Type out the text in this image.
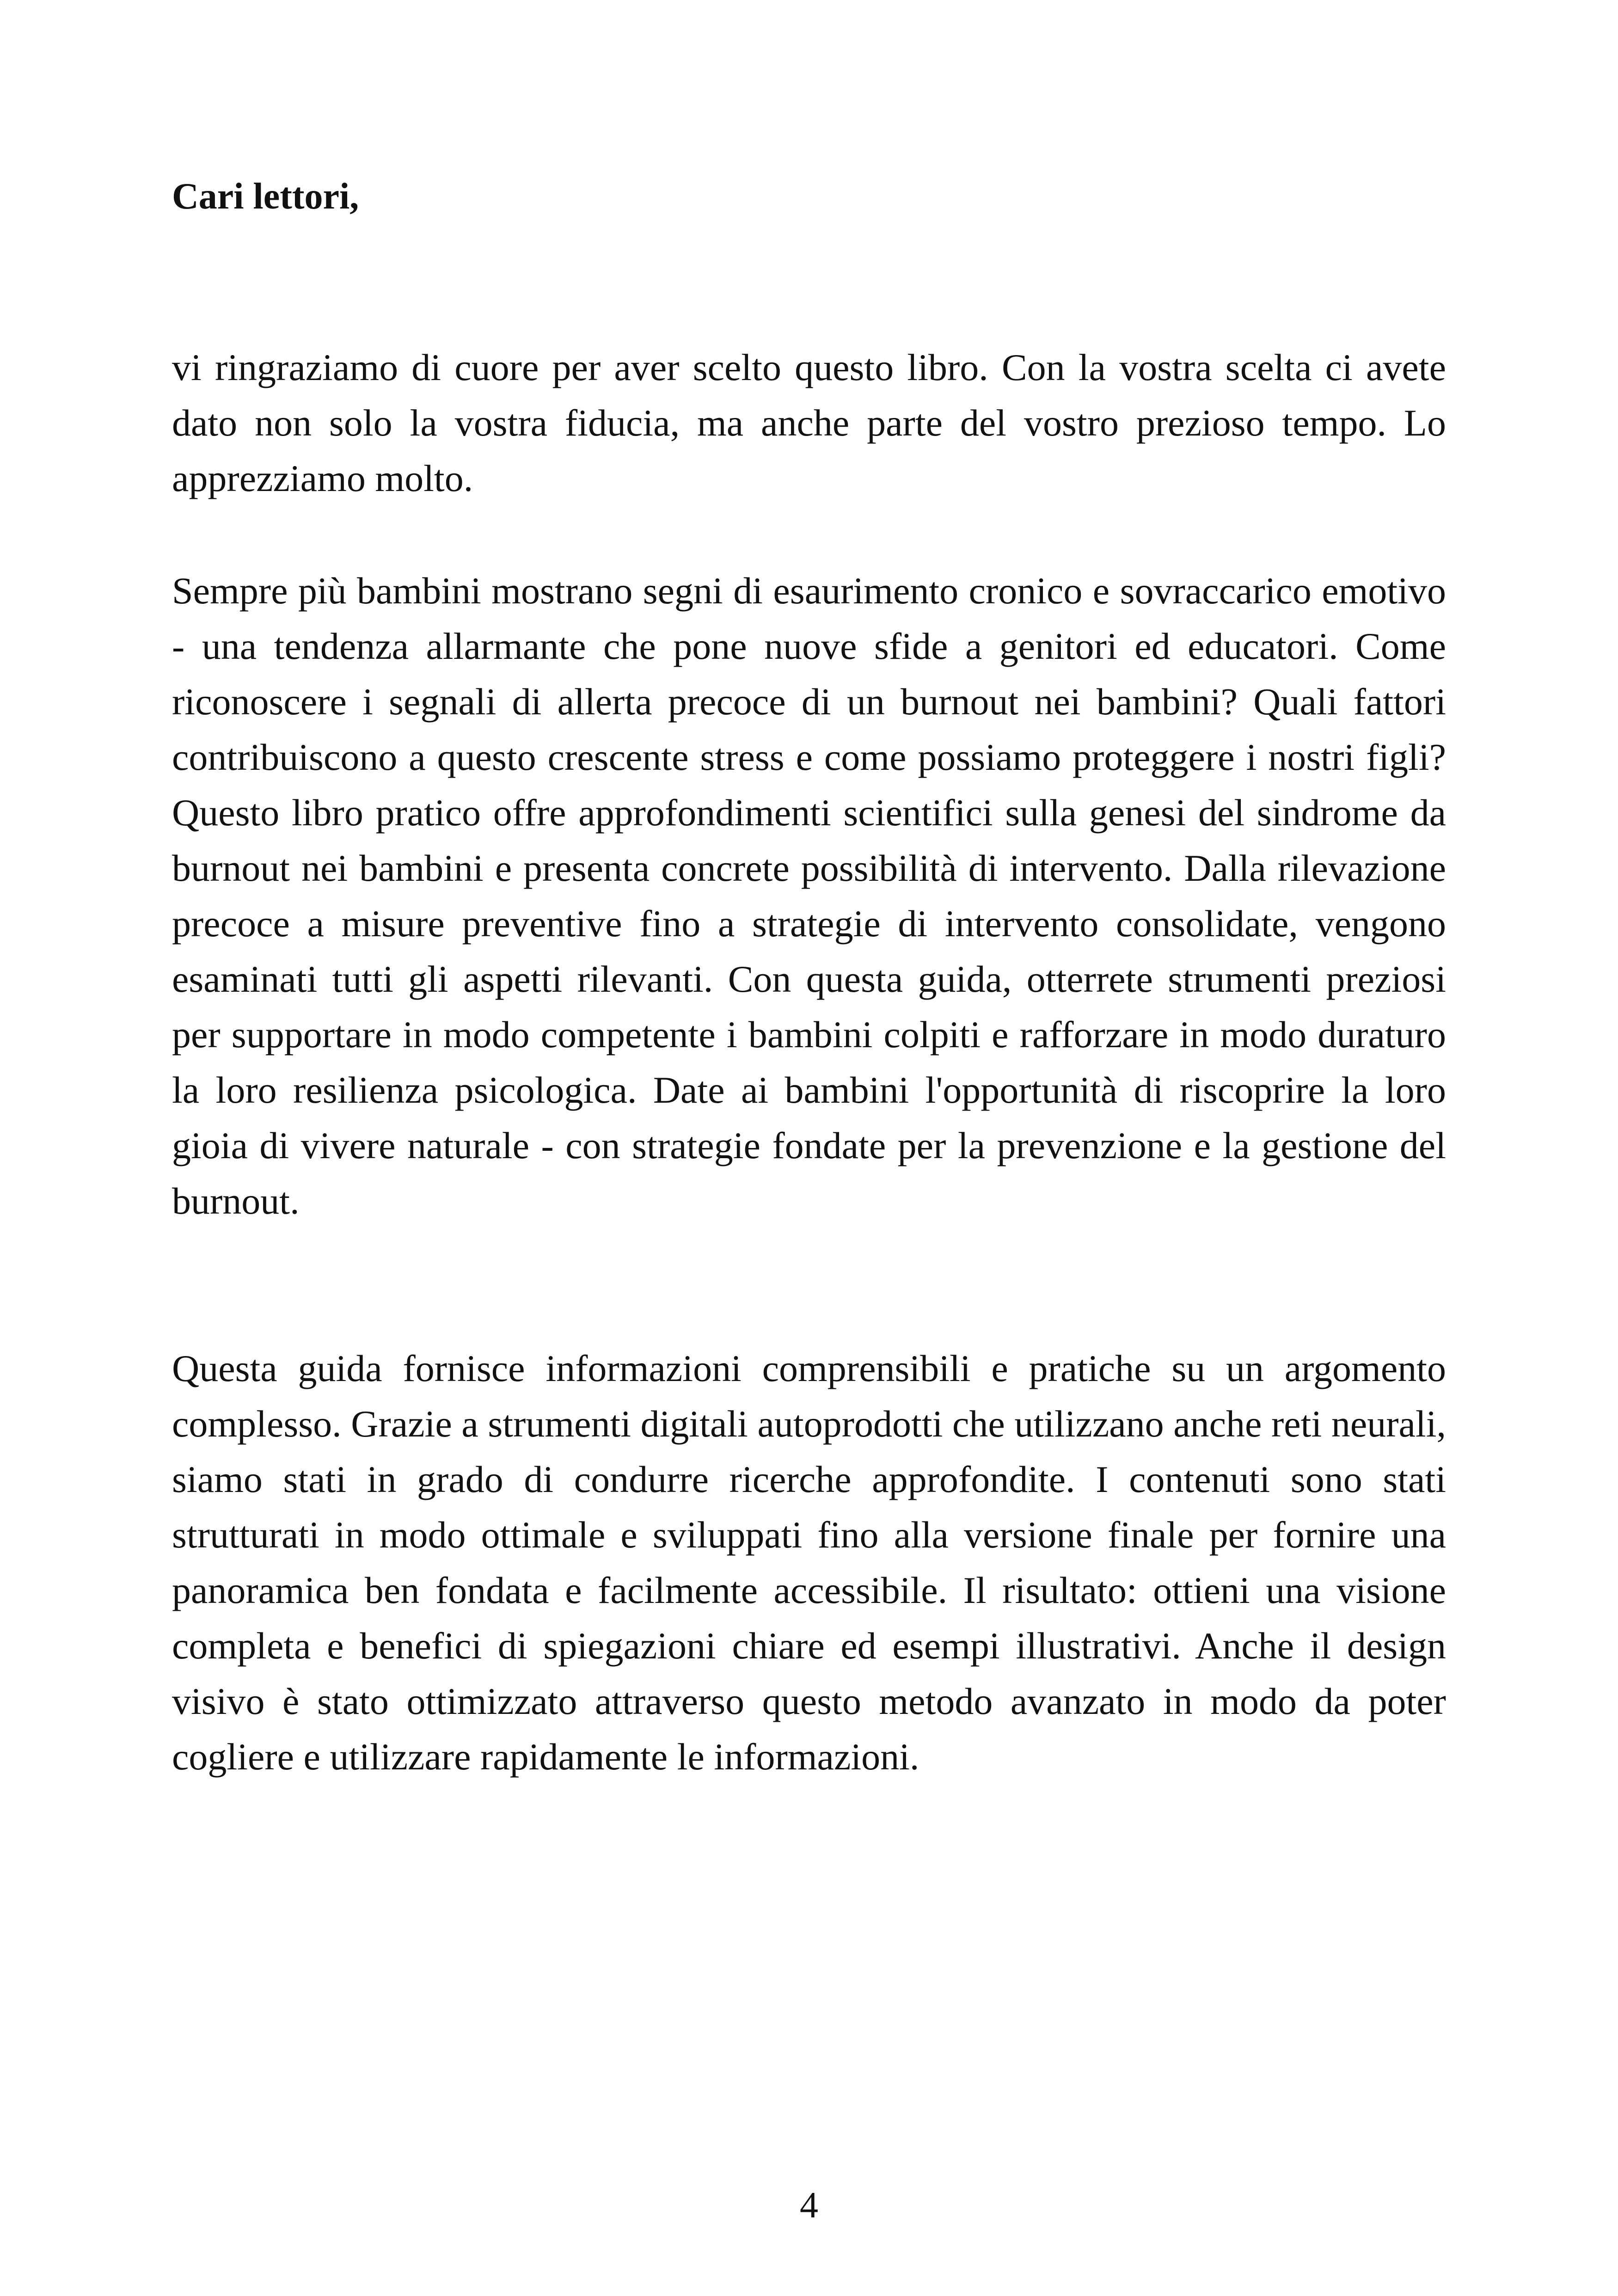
Cari lettori,

vi ringraziamo di cuore per aver scelto questo libro. Con la vostra scelta ci avete dato non solo la vostra fiducia, ma anche parte del vostro prezioso tempo. Lo apprezziamo molto.

Sempre più bambini mostrano segni di esaurimento cronico e sovraccarico emotivo - una tendenza allarmante che pone nuove sfide a genitori ed educatori. Come riconoscere i segnali di allerta precoce di un burnout nei bambini? Quali fattori contribuiscono a questo crescente stress e come possiamo proteggere i nostri figli? Questo libro pratico offre approfondimenti scientifici sulla genesi del sindrome da burnout nei bambini e presenta concrete possibilità di intervento. Dalla rilevazione precoce a misure preventive fino a strategie di intervento consolidate, vengono esaminati tutti gli aspetti rilevanti. Con questa guida, otterrete strumenti preziosi per supportare in modo competente i bambini colpiti e rafforzare in modo duraturo la loro resilienza psicologica. Date ai bambini l'opportunità di riscoprire la loro gioia di vivere naturale - con strategie fondate per la prevenzione e la gestione del burnout.

Questa guida fornisce informazioni comprensibili e pratiche su un argomento complesso. Grazie a strumenti digitali autoprodotti che utilizzano anche reti neurali, siamo stati in grado di condurre ricerche approfondite. I contenuti sono stati strutturati in modo ottimale e sviluppati fino alla versione finale per fornire una panoramica ben fondata e facilmente accessibile. Il risultato: ottieni una visione completa e benefici di spiegazioni chiare ed esempi illustrativi. Anche il design visivo è stato ottimizzato attraverso questo metodo avanzato in modo da poter cogliere e utilizzare rapidamente le informazioni.

4
